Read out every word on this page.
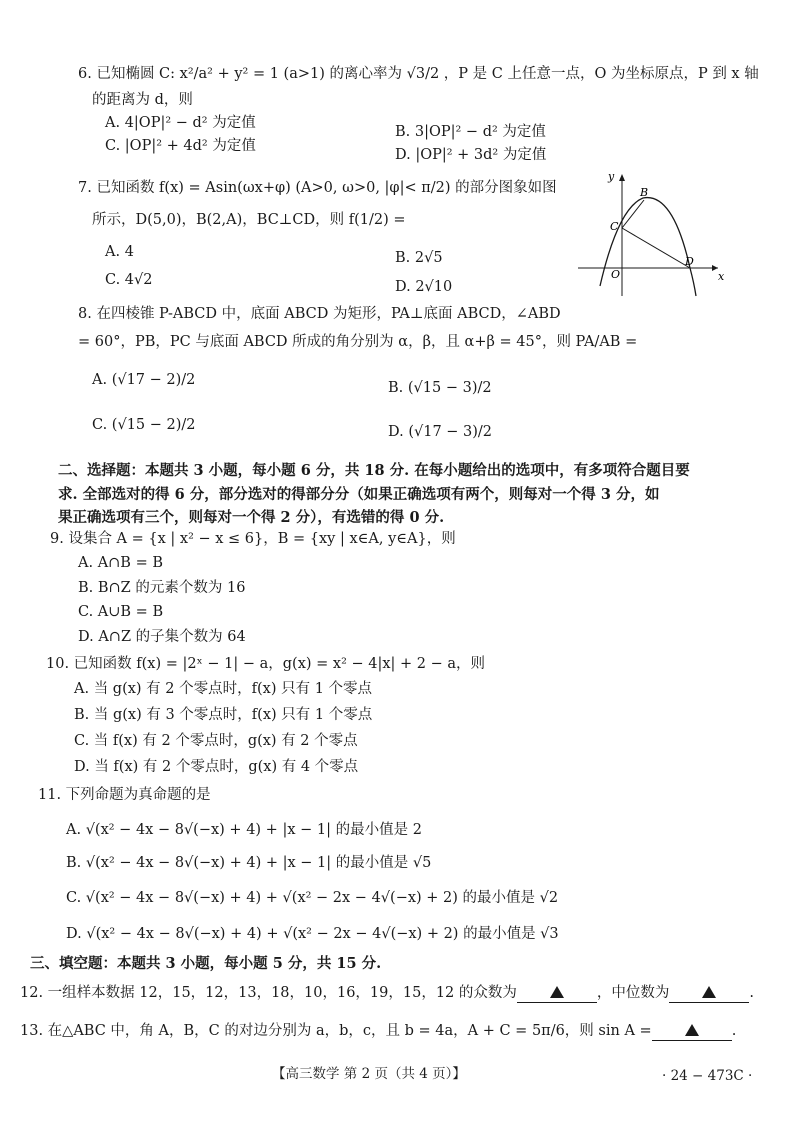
6. 已知椭圆 C: x²/a² + y² = 1 (a>1) 的离心率为 √3/2 ，P 是 C 上任意一点，O 为坐标原点，P 到 x 轴
的距离为 d，则
A. 4|OP|² − d² 为定值
B. 3|OP|² − d² 为定值
C. |OP|² + 4d² 为定值
D. |OP|² + 3d² 为定值
7. 已知函数 f(x) = Asin(ωx+φ) (A>0, ω>0, |φ|< π/2) 的部分图象如图
所示，D(5,0)，B(2,A)，BC⊥CD，则 f(1/2) =
A. 4	B. 2√5
C. 4√2	D. 2√10
y
x
B
C
O
D
8. 在四棱锥 P-ABCD 中，底面 ABCD 为矩形，PA⊥底面 ABCD，∠ABD
= 60°，PB，PC 与底面 ABCD 所成的角分别为 α，β，且 α+β = 45°，则 PA/AB =
A. (√17 − 2)/2	B. (√15 − 3)/2
C. (√15 − 2)/2	D. (√17 − 3)/2
二、选择题：本题共 3 小题，每小题 6 分，共 18 分. 在每小题给出的选项中，有多项符合题目要
求. 全部选对的得 6 分，部分选对的得部分分（如果正确选项有两个，则每对一个得 3 分，如
果正确选项有三个，则每对一个得 2 分），有选错的得 0 分.
9. 设集合 A = {x | x² − x ≤ 6}，B = {xy | x∈A, y∈A}，则
A. A∩B = B
B. B∩Z 的元素个数为 16
C. A∪B = B
D. A∩Z 的子集个数为 64
10. 已知函数 f(x) = |2ˣ − 1| − a，g(x) = x² − 4|x| + 2 − a，则
A. 当 g(x) 有 2 个零点时，f(x) 只有 1 个零点
B. 当 g(x) 有 3 个零点时，f(x) 只有 1 个零点
C. 当 f(x) 有 2 个零点时，g(x) 有 2 个零点
D. 当 f(x) 有 2 个零点时，g(x) 有 4 个零点
11. 下列命题为真命题的是
A. √(x² − 4x − 8√(−x) + 4) + |x − 1| 的最小值是 2
B. √(x² − 4x − 8√(−x) + 4) + |x − 1| 的最小值是 √5
C. √(x² − 4x − 8√(−x) + 4) + √(x² − 2x − 4√(−x) + 2) 的最小值是 √2
D. √(x² − 4x − 8√(−x) + 4) + √(x² − 2x − 4√(−x) + 2) 的最小值是 √3
三、填空题：本题共 3 小题，每小题 5 分，共 15 分.
12. 一组样本数据 12，15，12，13，18，10，16，19，15，12 的众数为	，中位数为	.
13. 在△ABC 中，角 A，B，C 的对边分别为 a，b，c，且 b = 4a，A + C = 5π/6，则 sin A =	.
【高三数学 第 2 页（共 4 页）】	· 24 − 473C ·
